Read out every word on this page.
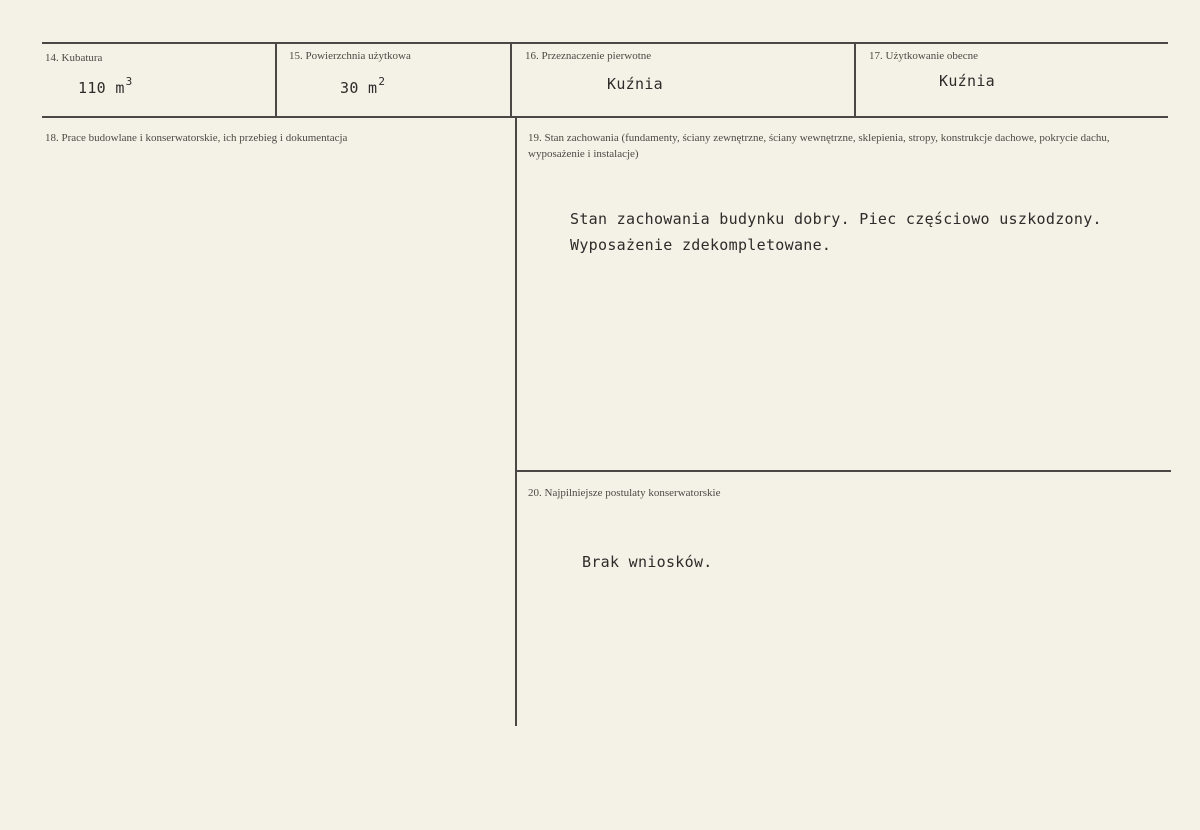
14. Kubatura
110 $m^3$
15. Powierzchnia użytkowa
30 $m^2$
16. Przeznaczenie pierwotne
Kuźnia
17. Użytkowanie obecne
Kuźnia
18. Prace budowlane i konserwatorskie, ich przebieg i dokumentacja	19. Stan zachowania (fundamenty, ściany zewnętrzne, ściany wewnętrzne, sklepienia, stropy, konstrukcje dachowe, pokrycie dachu, wyposażenie i instalacje)
Stan zachowania budynku dobry. Piec częściowo uszkodzony.
Wyposażenie zdekompletowane.
20. Najpilniejsze postulaty konserwatorskie
Brak wniosków.
